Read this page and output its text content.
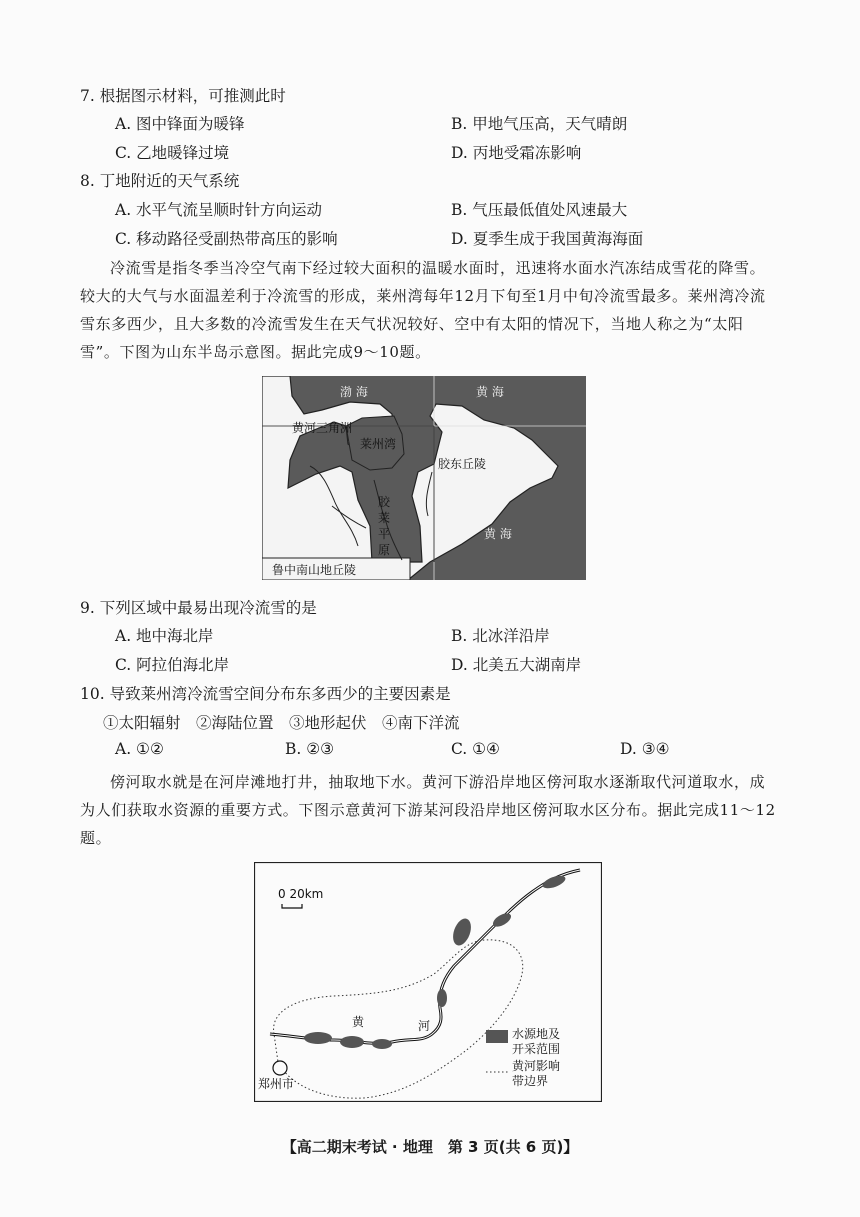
7. 根据图示材料，可推测此时
A. 图中锋面为暖锋	B. 甲地气压高，天气晴朗
C. 乙地暖锋过境	D. 丙地受霜冻影响
8. 丁地附近的天气系统
A. 水平气流呈顺时针方向运动	B. 气压最低值处风速最大
C. 移动路径受副热带高压的影响	D. 夏季生成于我国黄海海面

冷流雪是指冬季当冷空气南下经过较大面积的温暖水面时，迅速将水面水汽冻结成雪花的降雪。较大的大气与水面温差利于冷流雪的形成，莱州湾每年12月下旬至1月中旬冷流雪最多。莱州湾冷流雪东多西少，且大多数的冷流雪发生在天气状况较好、空中有太阳的情况下，当地人称之为“太阳雪”。下图为山东半岛示意图。据此完成9～10题。

渤 海	黄 海
黄河三角洲
莱州湾
胶东丘陵
胶
莱
平
原
黄 海
鲁中南山地丘陵
9. 下列区域中最易出现冷流雪的是
A. 地中海北岸	B. 北冰洋沿岸
C. 阿拉伯海北岸	D. 北美五大湖南岸
10. 导致莱州湾冷流雪空间分布东多西少的主要因素是
①太阳辐射　②海陆位置　③地形起伏　④南下洋流
A. ①②	B. ②③	C. ①④	D. ③④

傍河取水就是在河岸滩地打井，抽取地下水。黄河下游沿岸地区傍河取水逐渐取代河道取水，成为人们获取水资源的重要方式。下图示意黄河下游某河段沿岸地区傍河取水区分布。据此完成11～12题。

0 20km
黄	河
郑州市
水源地及
开采范围
黄河影响
带边界
【高二期末考试 · 地理　第 3 页(共 6 页)】
